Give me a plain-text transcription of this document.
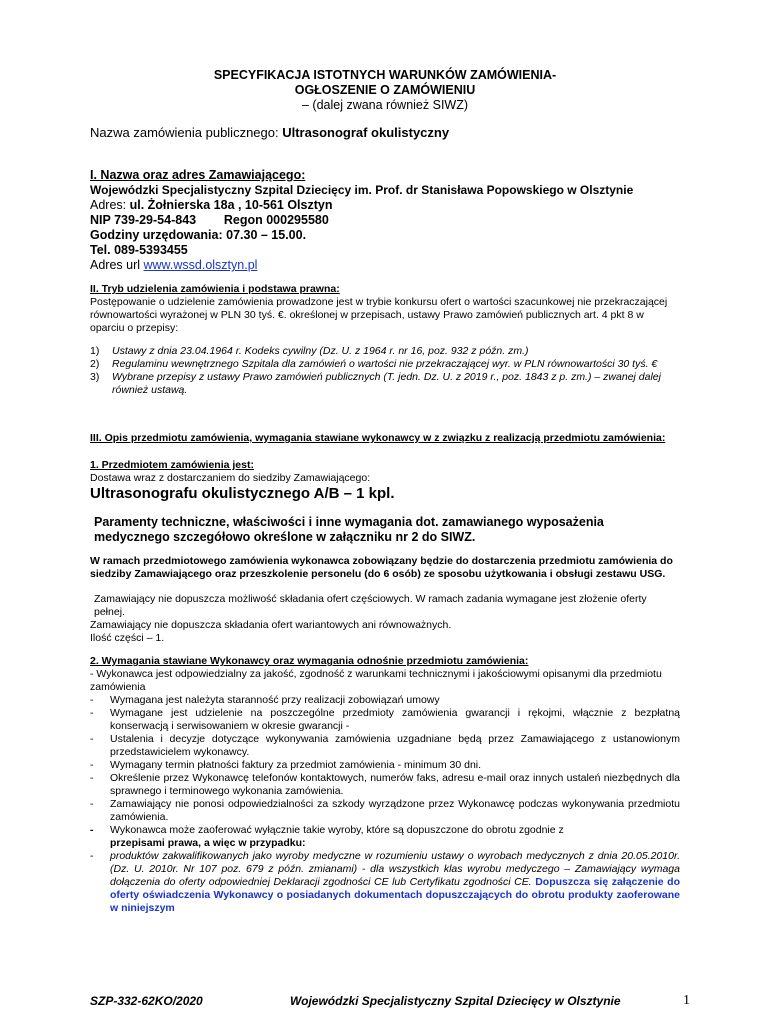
SPECYFIKACJA ISTOTNYCH WARUNKÓW ZAMÓWIENIA-
OGŁOSZENIE O ZAMÓWIENIU
– (dalej zwana również SIWZ)
Nazwa zamówienia publicznego: Ultrasonograf okulistyczny
I. Nazwa oraz adres Zamawiającego:
Wojewódzki Specjalistyczny Szpital Dziecięcy im. Prof. dr Stanisława Popowskiego w Olsztynie
Adres: ul. Żołnierska 18a , 10-561 Olsztyn
NIP 739-29-54-843        Regon 000295580
Godziny urzędowania: 07.30 – 15.00.
Tel. 089-5393455
Adres url www.wssd.olsztyn.pl
II. Tryb udzielenia zamówienia i podstawa prawna:
Postępowanie o udzielenie zamówienia prowadzone jest w trybie konkursu ofert o wartości szacunkowej nie przekraczającej równowartości wyrażonej w PLN 30 tyś. €. określonej w przepisach, ustawy Prawo zamówień publicznych art. 4 pkt 8 w oparciu o przepisy:
1) Ustawy z dnia 23.04.1964 r. Kodeks cywilny (Dz. U. z 1964 r. nr 16, poz. 932 z późn. zm.)
2) Regulaminu wewnętrznego Szpitala dla zamówień o wartości nie przekraczającej wyr. w PLN równowartości 30 tyś. €
3) Wybrane przepisy z ustawy Prawo zamówień publicznych (T. jedn. Dz. U. z 2019 r., poz. 1843 z p. zm.) – zwanej dalej również ustawą.
III. Opis przedmiotu zamówienia, wymagania stawiane wykonawcy w z związku z realizacją przedmiotu zamówienia:
1. Przedmiotem zamówienia jest:
Dostawa wraz z dostarczaniem do siedziby Zamawiającego:
Ultrasonografu okulistycznego A/B – 1 kpl.
Paramenty techniczne, właściwości i inne wymagania dot. zamawianego wyposażenia medycznego szczegółowo określone w załączniku nr 2 do SIWZ.
W ramach przedmiotowego zamówienia wykonawca zobowiązany będzie do dostarczenia przedmiotu zamówienia do siedziby Zamawiającego oraz przeszkolenie personelu (do 6 osób) ze sposobu użytkowania i obsługi zestawu USG.
Zamawiający nie dopuszcza możliwość składania ofert częściowych. W ramach zadania wymagane jest złożenie oferty pełnej.
Zamawiający nie dopuszcza składania ofert wariantowych ani równoważnych.
Ilość części – 1.
2. Wymagania stawiane Wykonawcy oraz wymagania odnośnie przedmiotu zamówienia:
- Wykonawca jest odpowiedzialny za jakość, zgodność z warunkami technicznymi i jakościowymi opisanymi dla przedmiotu zamówienia
- Wymagana jest należyta staranność przy realizacji zobowiązań umowy
- Wymagane jest udzielenie na poszczególne przedmioty zamówienia gwarancji i rękojmi, włącznie z bezpłatną konserwacją i serwisowaniem w okresie gwarancji -
- Ustalenia i decyzje dotyczące wykonywania zamówienia uzgadniane będą przez Zamawiającego z ustanowionym przedstawicielem wykonawcy.
- Wymagany termin płatności faktury za przedmiot zamówienia - minimum 30 dni.
- Określenie przez Wykonawcę telefonów kontaktowych, numerów faks, adresu e-mail oraz innych ustaleń niezbędnych dla sprawnego i terminowego wykonania zamówienia.
- Zamawiający nie ponosi odpowiedzialności za szkody wyrządzone przez Wykonawcę podczas wykonywania przedmiotu zamówienia.
- Wykonawca może zaoferować wyłącznie takie wyroby, które są dopuszczone do obrotu zgodnie z
przepisami prawa, a więc w przypadku:
- produktów zakwalifikowanych jako wyroby medyczne w rozumieniu ustawy o wyrobach medycznych z dnia 20.05.2010r. (Dz. U. 2010r. Nr 107 poz. 679 z późn. zmianami) - dla wszystkich klas wyrobu medyczego – Zamawiający wymaga dołączenia do oferty odpowiedniej Deklaracji zgodności CE lub Certyfikatu zgodności CE. Dopuszcza się załączenie do oferty oświadczenia Wykonawcy o posiadanych dokumentach dopuszczających do obrotu produkty zaoferowane w niniejszym
SZP-332-62KO/2020	Wojewódzki Specjalistyczny Szpital Dziecięcy w Olsztynie	1
